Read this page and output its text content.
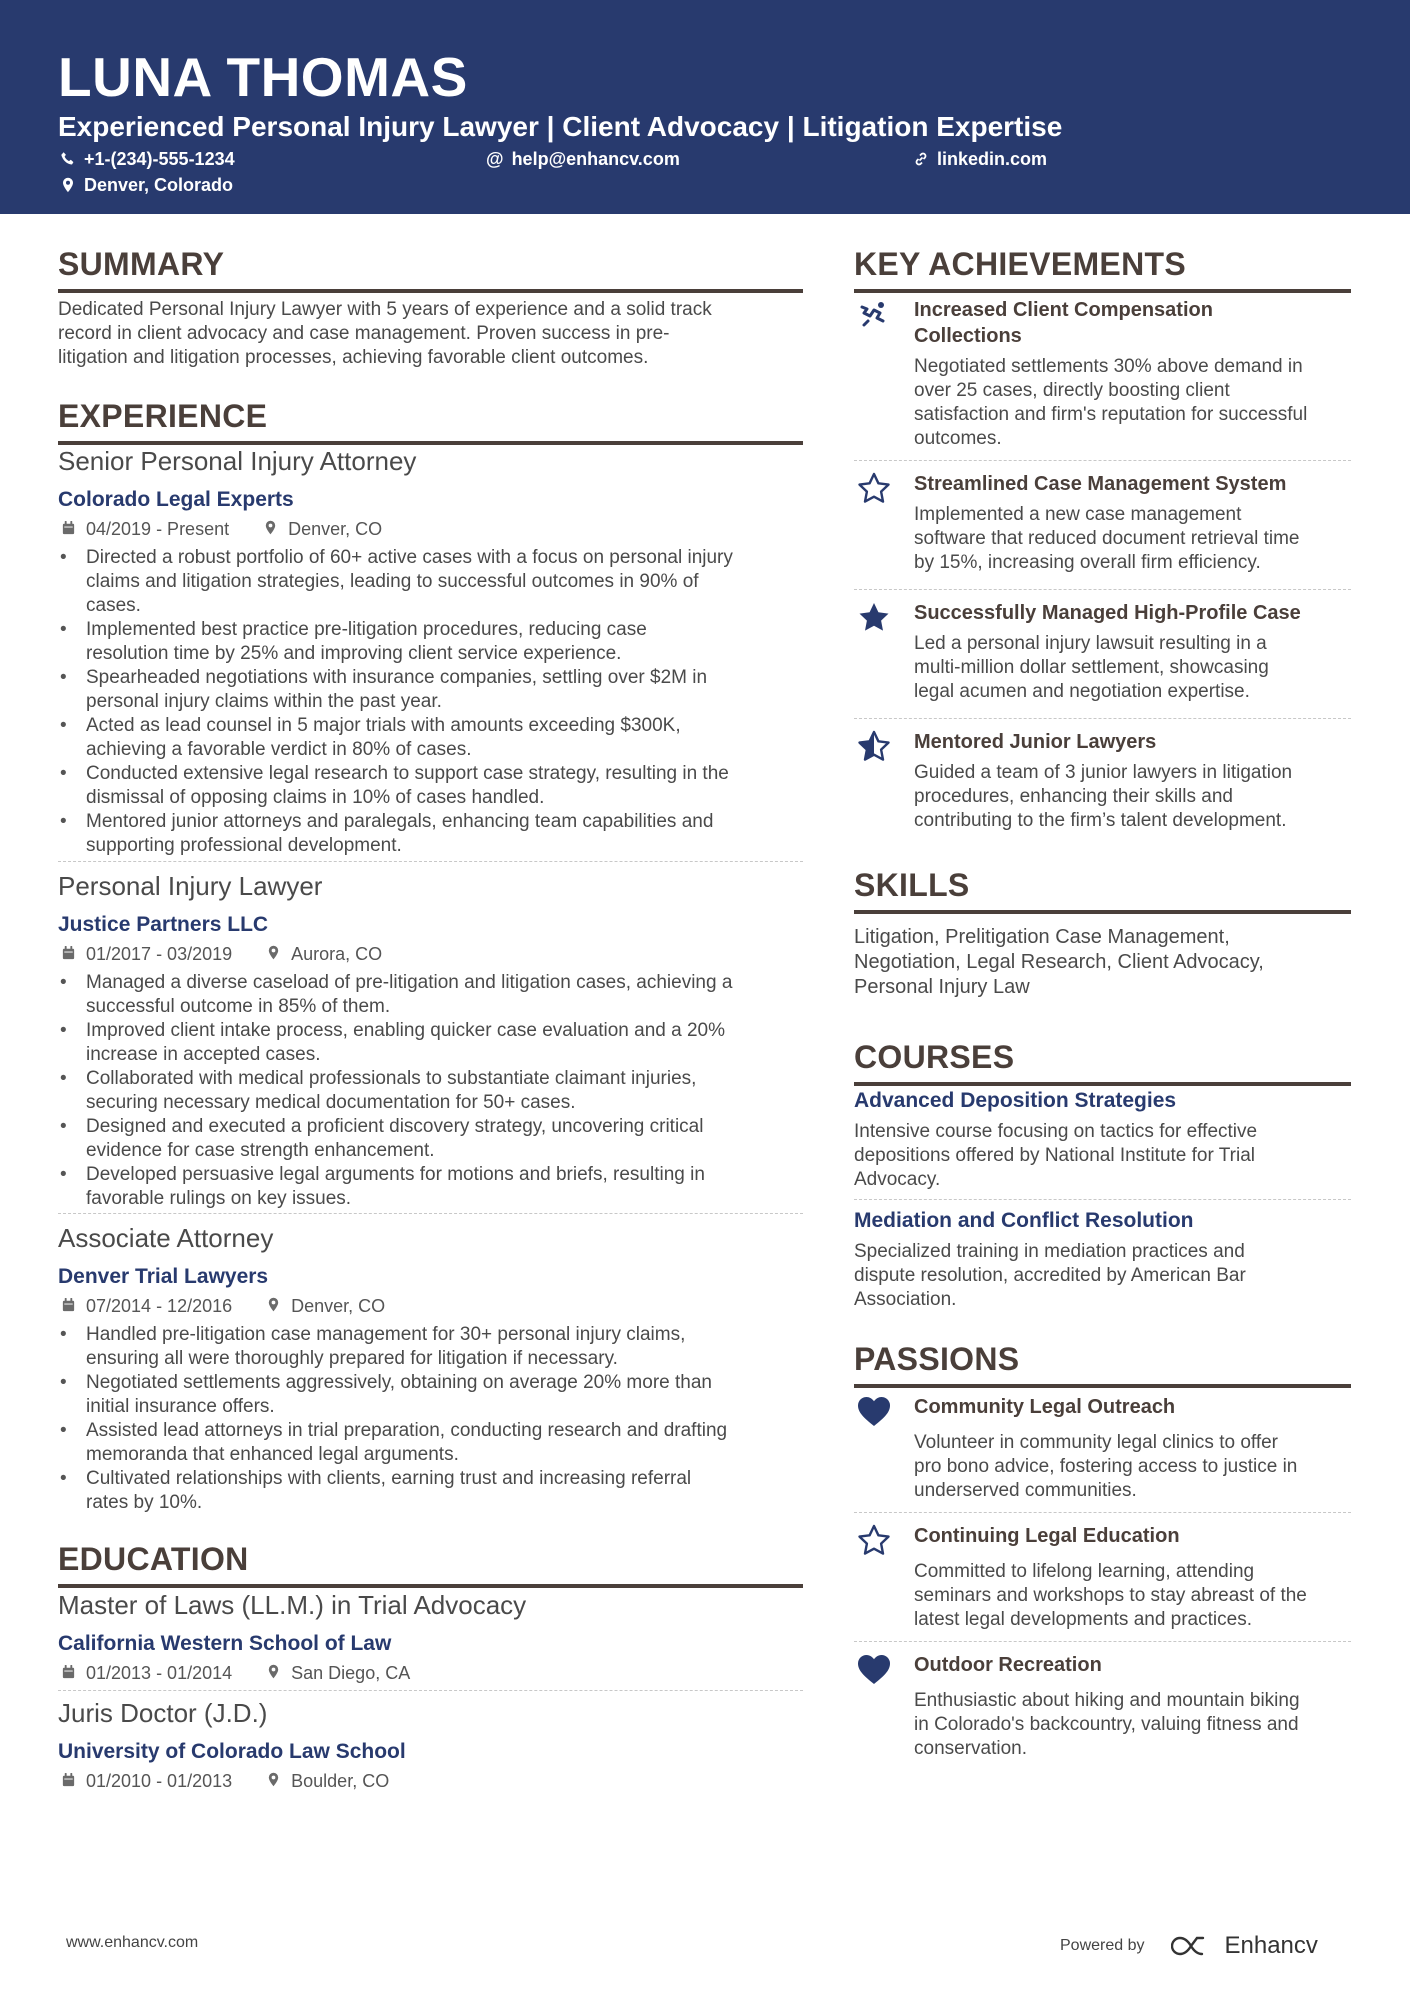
LUNA THOMAS
Experienced Personal Injury Lawyer | Client Advocacy | Litigation Expertise
+1-(234)-555-1234	@ help@enhancv.com	linkedin.com
Denver, Colorado
www.enhancv.com	Powered by	Enhancv
SUMMARY
Dedicated Personal Injury Lawyer with 5 years of experience and a solid track
record in client advocacy and case management. Proven success in pre-
litigation and litigation processes, achieving favorable client outcomes.
EXPERIENCE
Senior Personal Injury Attorney
Colorado Legal Experts
04/2019 - Present	Denver, CO
• Directed a robust portfolio of 60+ active cases with a focus on personal injury
claims and litigation strategies, leading to successful outcomes in 90% of
cases.
• Implemented best practice pre-litigation procedures, reducing case
resolution time by 25% and improving client service experience.
• Spearheaded negotiations with insurance companies, settling over $2M in
personal injury claims within the past year.
• Acted as lead counsel in 5 major trials with amounts exceeding $300K,
achieving a favorable verdict in 80% of cases.
• Conducted extensive legal research to support case strategy, resulting in the
dismissal of opposing claims in 10% of cases handled.
• Mentored junior attorneys and paralegals, enhancing team capabilities and
supporting professional development.
Personal Injury Lawyer
Justice Partners LLC
01/2017 - 03/2019	Aurora, CO
• Managed a diverse caseload of pre-litigation and litigation cases, achieving a
successful outcome in 85% of them.
• Improved client intake process, enabling quicker case evaluation and a 20%
increase in accepted cases.
• Collaborated with medical professionals to substantiate claimant injuries,
securing necessary medical documentation for 50+ cases.
• Designed and executed a proficient discovery strategy, uncovering critical
evidence for case strength enhancement.
• Developed persuasive legal arguments for motions and briefs, resulting in
favorable rulings on key issues.
Associate Attorney
Denver Trial Lawyers
07/2014 - 12/2016	Denver, CO
• Handled pre-litigation case management for 30+ personal injury claims,
ensuring all were thoroughly prepared for litigation if necessary.
• Negotiated settlements aggressively, obtaining on average 20% more than
initial insurance offers.
• Assisted lead attorneys in trial preparation, conducting research and drafting
memoranda that enhanced legal arguments.
• Cultivated relationships with clients, earning trust and increasing referral
rates by 10%.
EDUCATION
Master of Laws (LL.M.) in Trial Advocacy
California Western School of Law
01/2013 - 01/2014	San Diego, CA
Juris Doctor (J.D.)
University of Colorado Law School
01/2010 - 01/2013	Boulder, CO
KEY ACHIEVEMENTS
Increased Client Compensation
Collections
Negotiated settlements 30% above demand in
over 25 cases, directly boosting client
satisfaction and firm's reputation for successful
outcomes.
Streamlined Case Management System
Implemented a new case management
software that reduced document retrieval time
by 15%, increasing overall firm efficiency.
Successfully Managed High-Profile Case
Led a personal injury lawsuit resulting in a
multi-million dollar settlement, showcasing
legal acumen and negotiation expertise.
Mentored Junior Lawyers
Guided a team of 3 junior lawyers in litigation
procedures, enhancing their skills and
contributing to the firm’s talent development.
SKILLS
Litigation, Prelitigation Case Management,
Negotiation, Legal Research, Client Advocacy,
Personal Injury Law
COURSES
Advanced Deposition Strategies
Intensive course focusing on tactics for effective
depositions offered by National Institute for Trial
Advocacy.
Mediation and Conflict Resolution
Specialized training in mediation practices and
dispute resolution, accredited by American Bar
Association.
PASSIONS
Community Legal Outreach
Volunteer in community legal clinics to offer
pro bono advice, fostering access to justice in
underserved communities.
Continuing Legal Education
Committed to lifelong learning, attending
seminars and workshops to stay abreast of the
latest legal developments and practices.
Outdoor Recreation
Enthusiastic about hiking and mountain biking
in Colorado's backcountry, valuing fitness and
conservation.
